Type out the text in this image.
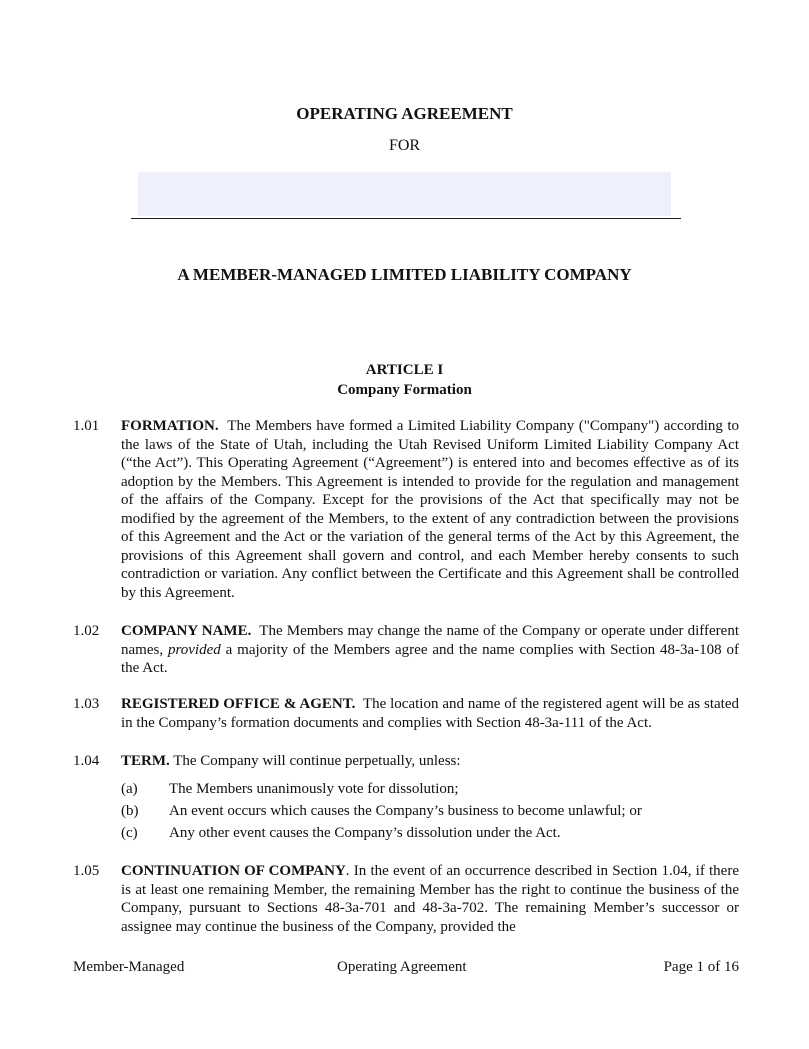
OPERATING AGREEMENT
FOR
A MEMBER-MANAGED LIMITED LIABILITY COMPANY
ARTICLE I
Company Formation
1.01	FORMATION. The Members have formed a Limited Liability Company ("Company") according to the laws of the State of Utah, including the Utah Revised Uniform Limited Liability Company Act (“the Act”). This Operating Agreement (“Agreement”) is entered into and becomes effective as of its adoption by the Members. This Agreement is intended to provide for the regulation and management of the affairs of the Company. Except for the provisions of the Act that specifically may not be modified by the agreement of the Members, to the extent of any contradiction between the provisions of this Agreement and the Act or the variation of the general terms of the Act by this Agreement, the provisions of this Agreement shall govern and control, and each Member hereby consents to such contradiction or variation. Any conflict between the Certificate and this Agreement shall be controlled by this Agreement.
1.02	COMPANY NAME. The Members may change the name of the Company or operate under different names, provided a majority of the Members agree and the name complies with Section 48-3a-108 of the Act.
1.03	REGISTERED OFFICE & AGENT. The location and name of the registered agent will be as stated in the Company’s formation documents and complies with Section 48-3a-111 of the Act.
1.04	TERM. The Company will continue perpetually, unless:
(a)	The Members unanimously vote for dissolution;
(b)	An event occurs which causes the Company’s business to become unlawful; or
(c)	Any other event causes the Company’s dissolution under the Act.
1.05	CONTINUATION OF COMPANY. In the event of an occurrence described in Section 1.04, if there is at least one remaining Member, the remaining Member has the right to continue the business of the Company, pursuant to Sections 48-3a-701 and 48-3a-702. The remaining Member’s successor or assignee may continue the business of the Company, provided the
Member-Managed	Operating Agreement	Page 1 of 16
